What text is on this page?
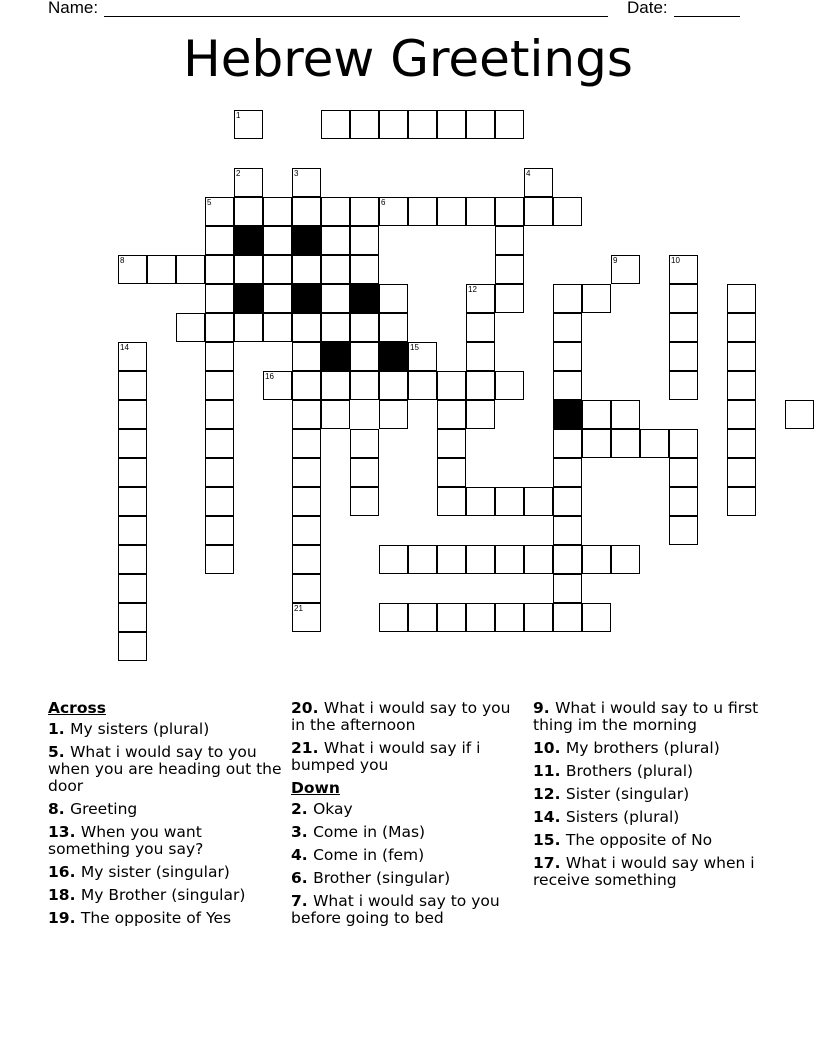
Name:	Date:
Hebrew Greetings
1
2	3	4
5	6
8	9	10
11	12
14	15
16
21
Across
1. My sisters (plural)
5. What i would say to you when you are heading out the door
8. Greeting
13. When you want something you say?
16. My sister (singular)
18. My Brother (singular)
19. The opposite of Yes
20. What i would say to you in the afternoon
21. What i would say if i bumped you
Down
2. Okay
3. Come in (Mas)
4. Come in (fem)
6. Brother (singular)
7. What i would say to you before going to bed
9. What i would say to u first thing im the morning
10. My brothers (plural)
11. Brothers (plural)
12. Sister (singular)
14. Sisters (plural)
15. The opposite of No
17. What i would say when i receive something
